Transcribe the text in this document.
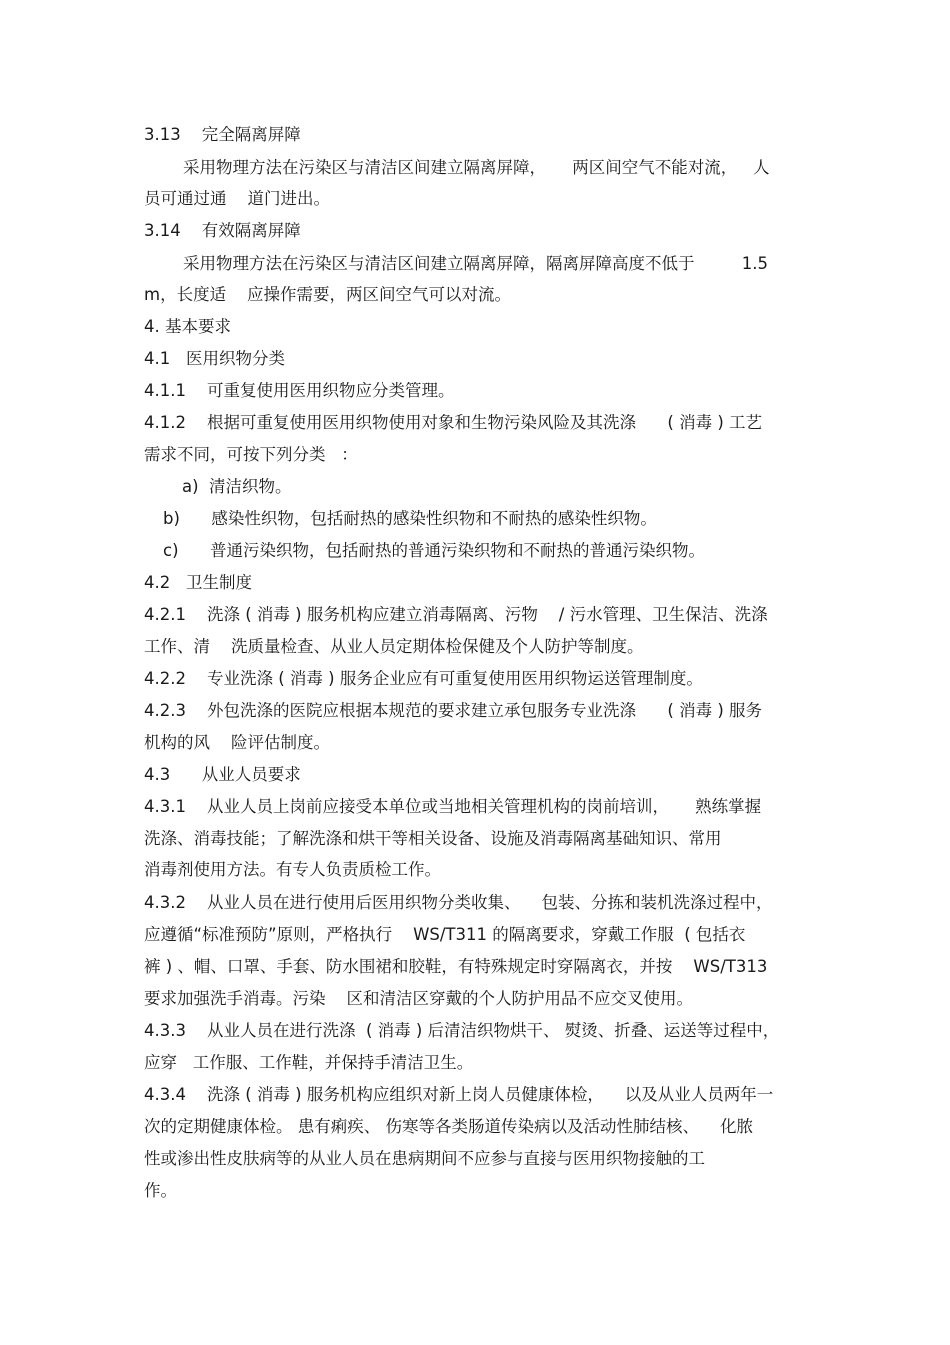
3.13    完全隔离屏障
采用物理方法在污染区与清洁区间建立隔离屏障，     两区间空气不能对流，   人
员可通过通    道门进出。
3.14    有效隔离屏障
采用物理方法在污染区与清洁区间建立隔离屏障，隔离屏障高度不低于         1.5
m，长度适    应操作需要，两区间空气可以对流。
4. 基本要求
4.1   医用织物分类
4.1.1    可重复使用医用织物应分类管理。
4.1.2    根据可重复使用医用织物使用对象和生物污染风险及其洗涤      ( 消毒 ) 工艺
需求不同，可按下列分类   ：
a)  清洁织物。
b)      感染性织物，包括耐热的感染性织物和不耐热的感染性织物。
c)      普通污染织物，包括耐热的普通污染织物和不耐热的普通污染织物。
4.2   卫生制度
4.2.1    洗涤 ( 消毒 ) 服务机构应建立消毒隔离、污物    / 污水管理、卫生保洁、洗涤
工作、清    洗质量检查、从业人员定期体检保健及个人防护等制度。
4.2.2    专业洗涤 ( 消毒 ) 服务企业应有可重复使用医用织物运送管理制度。
4.2.3    外包洗涤的医院应根据本规范的要求建立承包服务专业洗涤      ( 消毒 ) 服务
机构的风    险评估制度。
4.3      从业人员要求
4.3.1    从业人员上岗前应接受本单位或当地相关管理机构的岗前培训，     熟练掌握
洗涤、消毒技能；了解洗涤和烘干等相关设备、设施及消毒隔离基础知识、常用
消毒剂使用方法。有专人负责质检工作。
4.3.2    从业人员在进行使用后医用织物分类收集、    包装、分拣和装机洗涤过程中，
应遵循“标准预防”原则，严格执行    WS/T311 的隔离要求，穿戴工作服  ( 包括衣
裤 ) 、帽、口罩、手套、防水围裙和胶鞋，有特殊规定时穿隔离衣，并按    WS/T313
要求加强洗手消毒。污染    区和清洁区穿戴的个人防护用品不应交叉使用。
4.3.3    从业人员在进行洗涤  ( 消毒 ) 后清洁织物烘干、 熨烫、折叠、运送等过程中，
应穿   工作服、工作鞋，并保持手清洁卫生。
4.3.4    洗涤 ( 消毒 ) 服务机构应组织对新上岗人员健康体检，    以及从业人员两年一
次的定期健康体检。 患有痢疾、 伤寒等各类肠道传染病以及活动性肺结核、    化脓
性或渗出性皮肤病等的从业人员在患病期间不应参与直接与医用织物接触的工
作。
